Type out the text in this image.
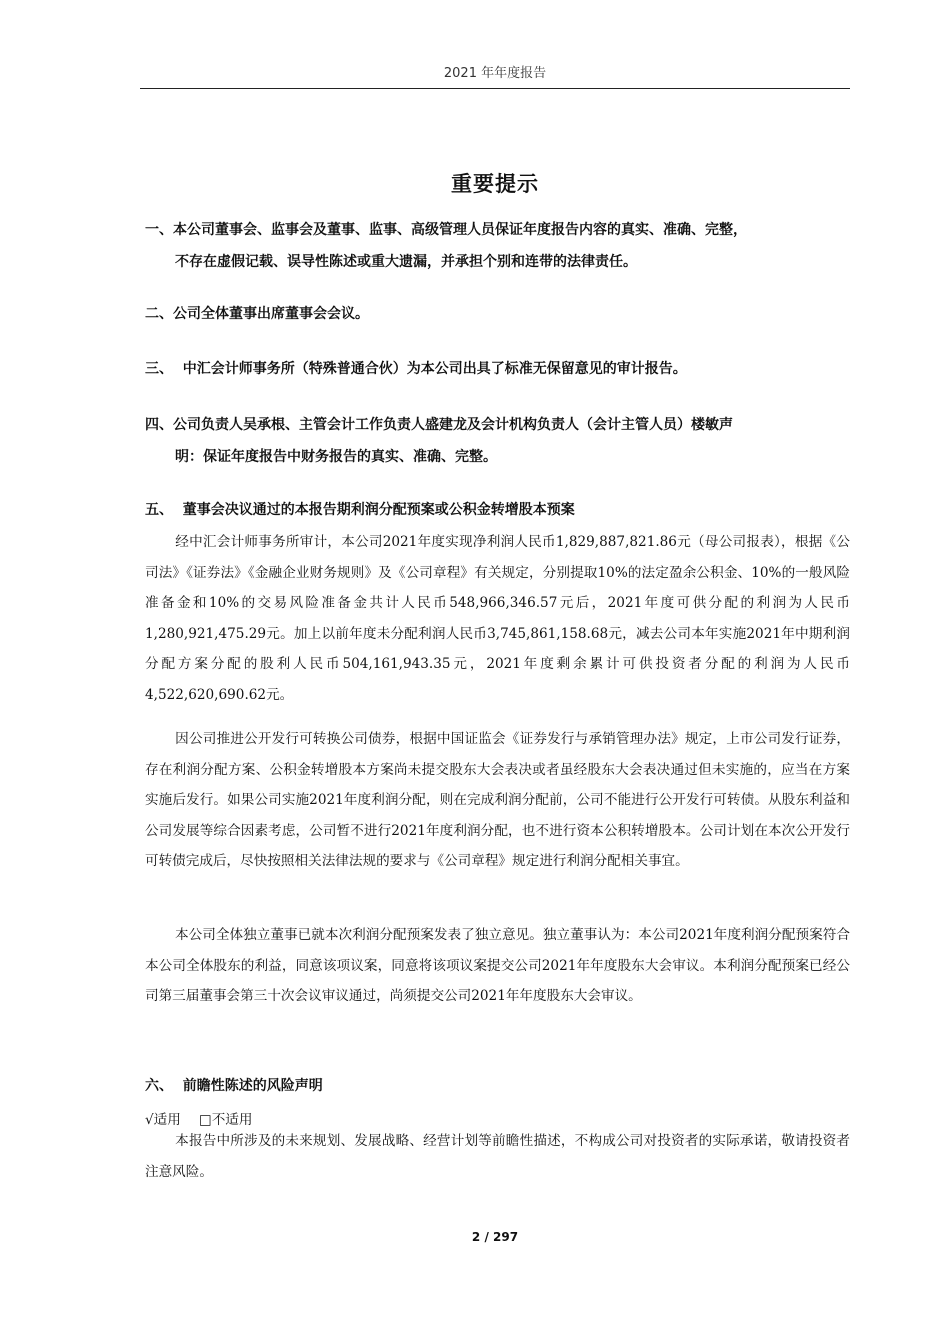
2021 年年度报告
重要提示
一、本公司董事会、监事会及董事、监事、高级管理人员保证年度报告内容的真实、准确、完整，
不存在虚假记载、误导性陈述或重大遗漏，并承担个别和连带的法律责任。
二、公司全体董事出席董事会会议。
三、 中汇会计师事务所（特殊普通合伙）为本公司出具了标准无保留意见的审计报告。
四、公司负责人吴承根、主管会计工作负责人盛建龙及会计机构负责人（会计主管人员）楼敏声
明：保证年度报告中财务报告的真实、准确、完整。
五、 董事会决议通过的本报告期利润分配预案或公积金转增股本预案

经中汇会计师事务所审计，本公司2021年度实现净利润人民币1,829,887,821.86元（母公司报表），根据《公司法》《证券法》《金融企业财务规则》及《公司章程》有关规定，分别提取10%的法定盈余公积金、10%的一般风险准备金和10%的交易风险准备金共计人民币548,966,346.57元后，2021年度可供分配的利润为人民币1,280,921,475.29元。加上以前年度未分配利润人民币3,745,861,158.68元，减去公司本年实施2021年中期利润分配方案分配的股利人民币504,161,943.35元，2021年度剩余累计可供投资者分配的利润为人民币4,522,620,690.62元。

因公司推进公开发行可转换公司债券，根据中国证监会《证券发行与承销管理办法》规定，上市公司发行证券，存在利润分配方案、公积金转增股本方案尚未提交股东大会表决或者虽经股东大会表决通过但未实施的，应当在方案实施后发行。如果公司实施2021年度利润分配，则在完成利润分配前，公司不能进行公开发行可转债。从股东利益和公司发展等综合因素考虑，公司暂不进行2021年度利润分配，也不进行资本公积转增股本。公司计划在本次公开发行可转债完成后，尽快按照相关法律法规的要求与《公司章程》规定进行利润分配相关事宜。

本公司全体独立董事已就本次利润分配预案发表了独立意见。独立董事认为：本公司2021年度利润分配预案符合本公司全体股东的利益，同意该项议案，同意将该项议案提交公司2021年年度股东大会审议。本利润分配预案已经公司第三届董事会第三十次会议审议通过，尚须提交公司2021年年度股东大会审议。

六、 前瞻性陈述的风险声明
√适用 □不适用

本报告中所涉及的未来规划、发展战略、经营计划等前瞻性描述，不构成公司对投资者的实际承诺，敬请投资者注意风险。

2 / 297
